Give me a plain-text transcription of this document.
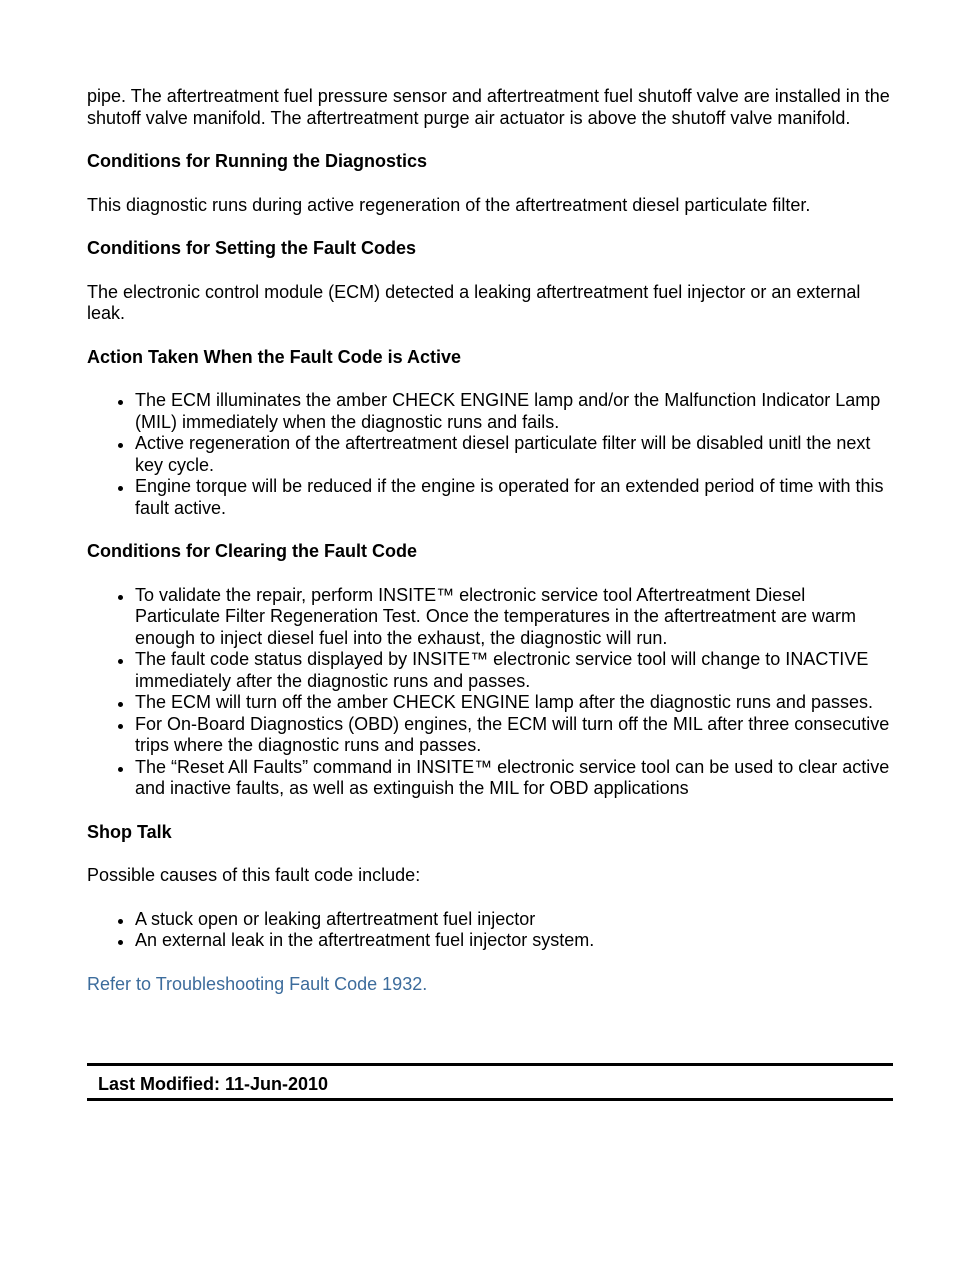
pipe. The aftertreatment fuel pressure sensor and aftertreatment fuel shutoff valve are installed in the shutoff valve manifold. The aftertreatment purge air actuator is above the shutoff valve manifold.

Conditions for Running the Diagnostics

This diagnostic runs during active regeneration of the aftertreatment diesel particulate filter.

Conditions for Setting the Fault Codes

The electronic control module (ECM) detected a leaking aftertreatment fuel injector or an external leak.

Action Taken When the Fault Code is Active

The ECM illuminates the amber CHECK ENGINE lamp and/or the Malfunction Indicator Lamp (MIL) immediately when the diagnostic runs and fails.
Active regeneration of the aftertreatment diesel particulate filter will be disabled unitl the next key cycle.
Engine torque will be reduced if the engine is operated for an extended period of time with this fault active.

Conditions for Clearing the Fault Code

To validate the repair, perform INSITE™ electronic service tool Aftertreatment Diesel Particulate Filter Regeneration Test. Once the temperatures in the aftertreatment are warm enough to inject diesel fuel into the exhaust, the diagnostic will run.
The fault code status displayed by INSITE™ electronic service tool will change to INACTIVE immediately after the diagnostic runs and passes.
The ECM will turn off the amber CHECK ENGINE lamp after the diagnostic runs and passes.
For On-Board Diagnostics (OBD) engines, the ECM will turn off the MIL after three consecutive trips where the diagnostic runs and passes.
The “Reset All Faults” command in INSITE™ electronic service tool can be used to clear active and inactive faults, as well as extinguish the MIL for OBD applications

Shop Talk

Possible causes of this fault code include:

A stuck open or leaking aftertreatment fuel injector
An external leak in the aftertreatment fuel injector system.

Refer to Troubleshooting Fault Code 1932.

Last Modified: 11-Jun-2010
